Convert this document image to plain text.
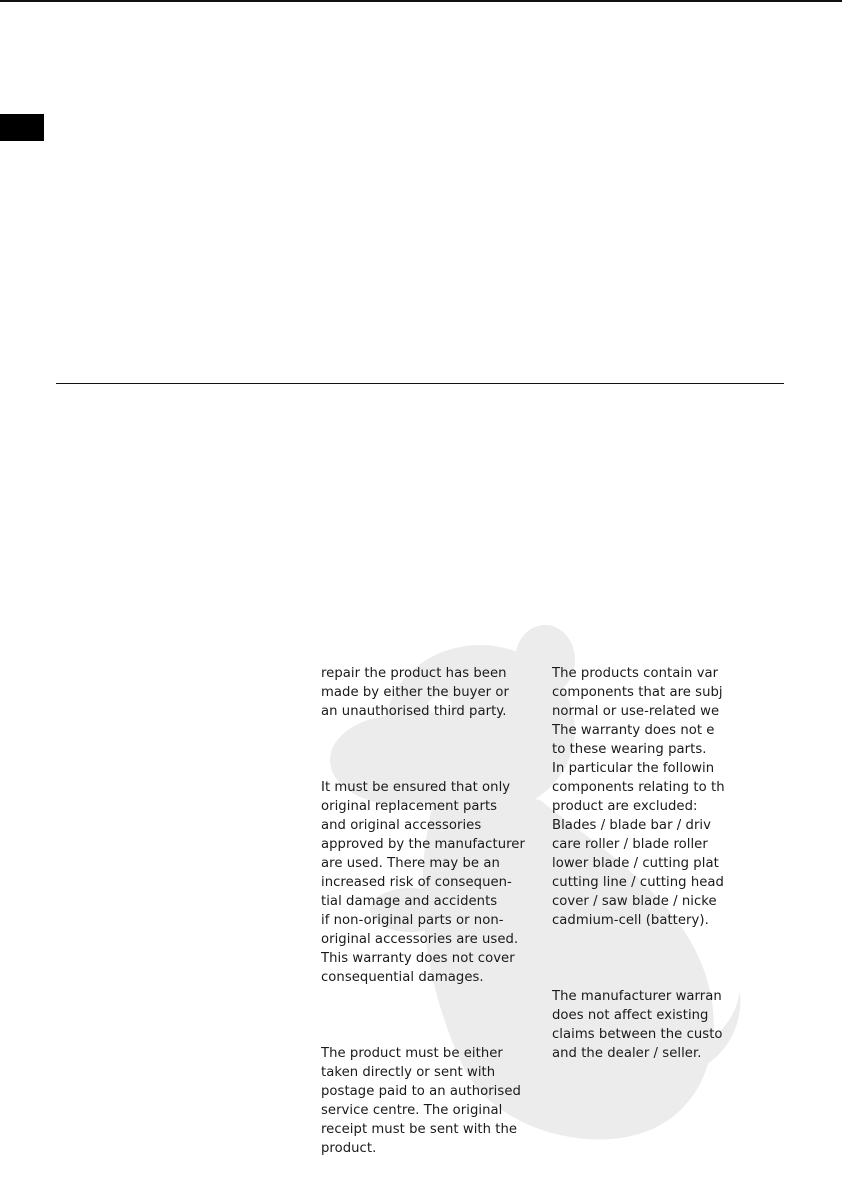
repair the product has been
made by either the buyer or
an unauthorised third party.

It must be ensured that only
original replacement parts
and original accessories
approved by the manufacturer
are used. There may be an
increased risk of consequen-
tial damage and accidents
if non-original parts or non-
original accessories are used.
This warranty does not cover
consequential damages.

The product must be either
taken directly or sent with
postage paid to an authorised
service centre. The original
receipt must be sent with the
product.

The products contain var
components that are subj
normal or use-related we
The warranty does not e
to these wearing parts.
In particular the followin
components relating to th
product are excluded:
Blades / blade bar / driv
care roller / blade roller
lower blade / cutting plat
cutting line / cutting head
cover / saw blade / nicke
cadmium-cell (battery).

The manufacturer warran
does not affect existing
claims between the custo
and the dealer / seller.
